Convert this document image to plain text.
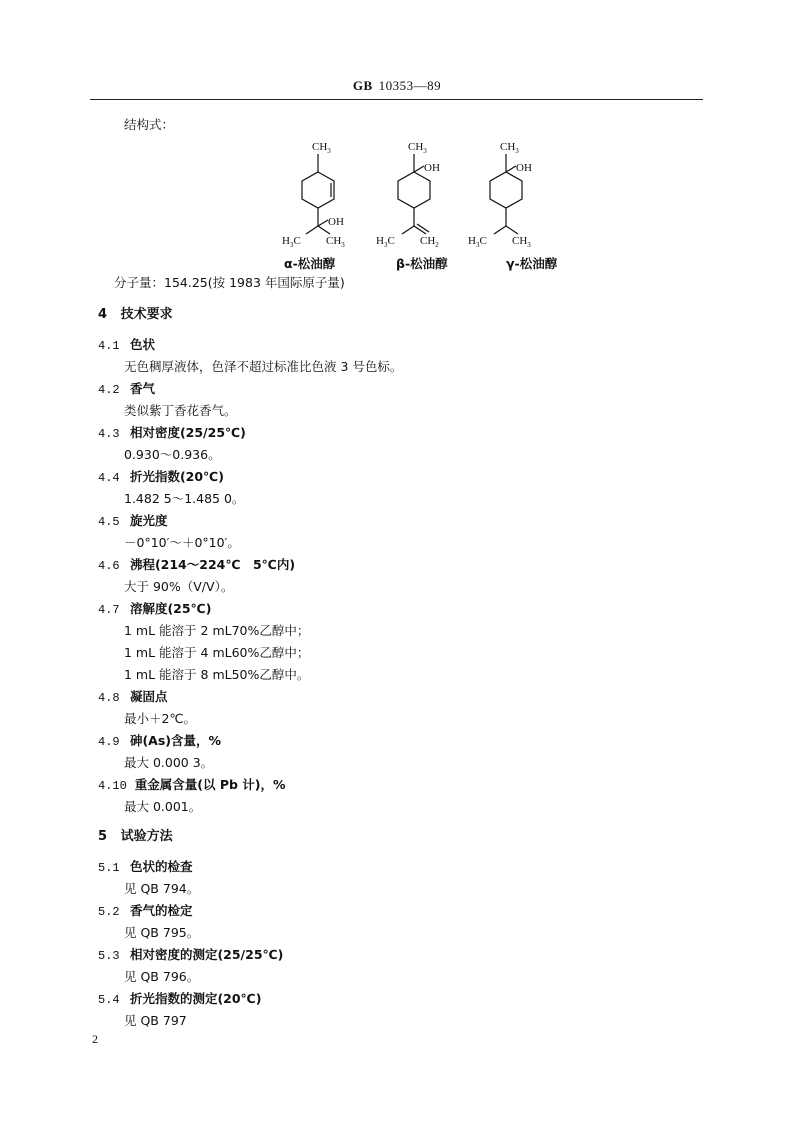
GB 10353—89
结构式：
$CH_3$
OH
$H_3C$ $CH_3$
$CH_3$
OH
$H_3C$ $CH_2$
$CH_3$
OH
$H_3C$ $CH_3$
α-松油醇	β-松油醇	γ-松油醇
分子量：154.25(按 1983 年国际原子量)
4 技术要求
4.1 色状
无色稠厚液体，色泽不超过标准比色液 3 号色标。
4.2 香气
类似紫丁香花香气。
4.3 相对密度(25/25℃)
0.930～0.936。
4.4 折光指数(20℃)
1.482 5～1.485 0。
4.5 旋光度
－0°10′～＋0°10′。
4.6 沸程(214～224℃　5℃内)
大于 90%（V/V）。
4.7 溶解度(25℃)
1 mL 能溶于 2 mL70%乙醇中；
1 mL 能溶于 4 mL60%乙醇中；
1 mL 能溶于 8 mL50%乙醇中。
4.8 凝固点
最小＋2℃。
4.9 砷(As)含量，%
最大 0.000 3。
4.10 重金属含量(以 Pb 计)，%
最大 0.001。
5 试验方法
5.1 色状的检查
见 QB 794。
5.2 香气的检定
见 QB 795。
5.3 相对密度的测定(25/25℃)
见 QB 796。
5.4 折光指数的测定(20℃)
见 QB 797
2
